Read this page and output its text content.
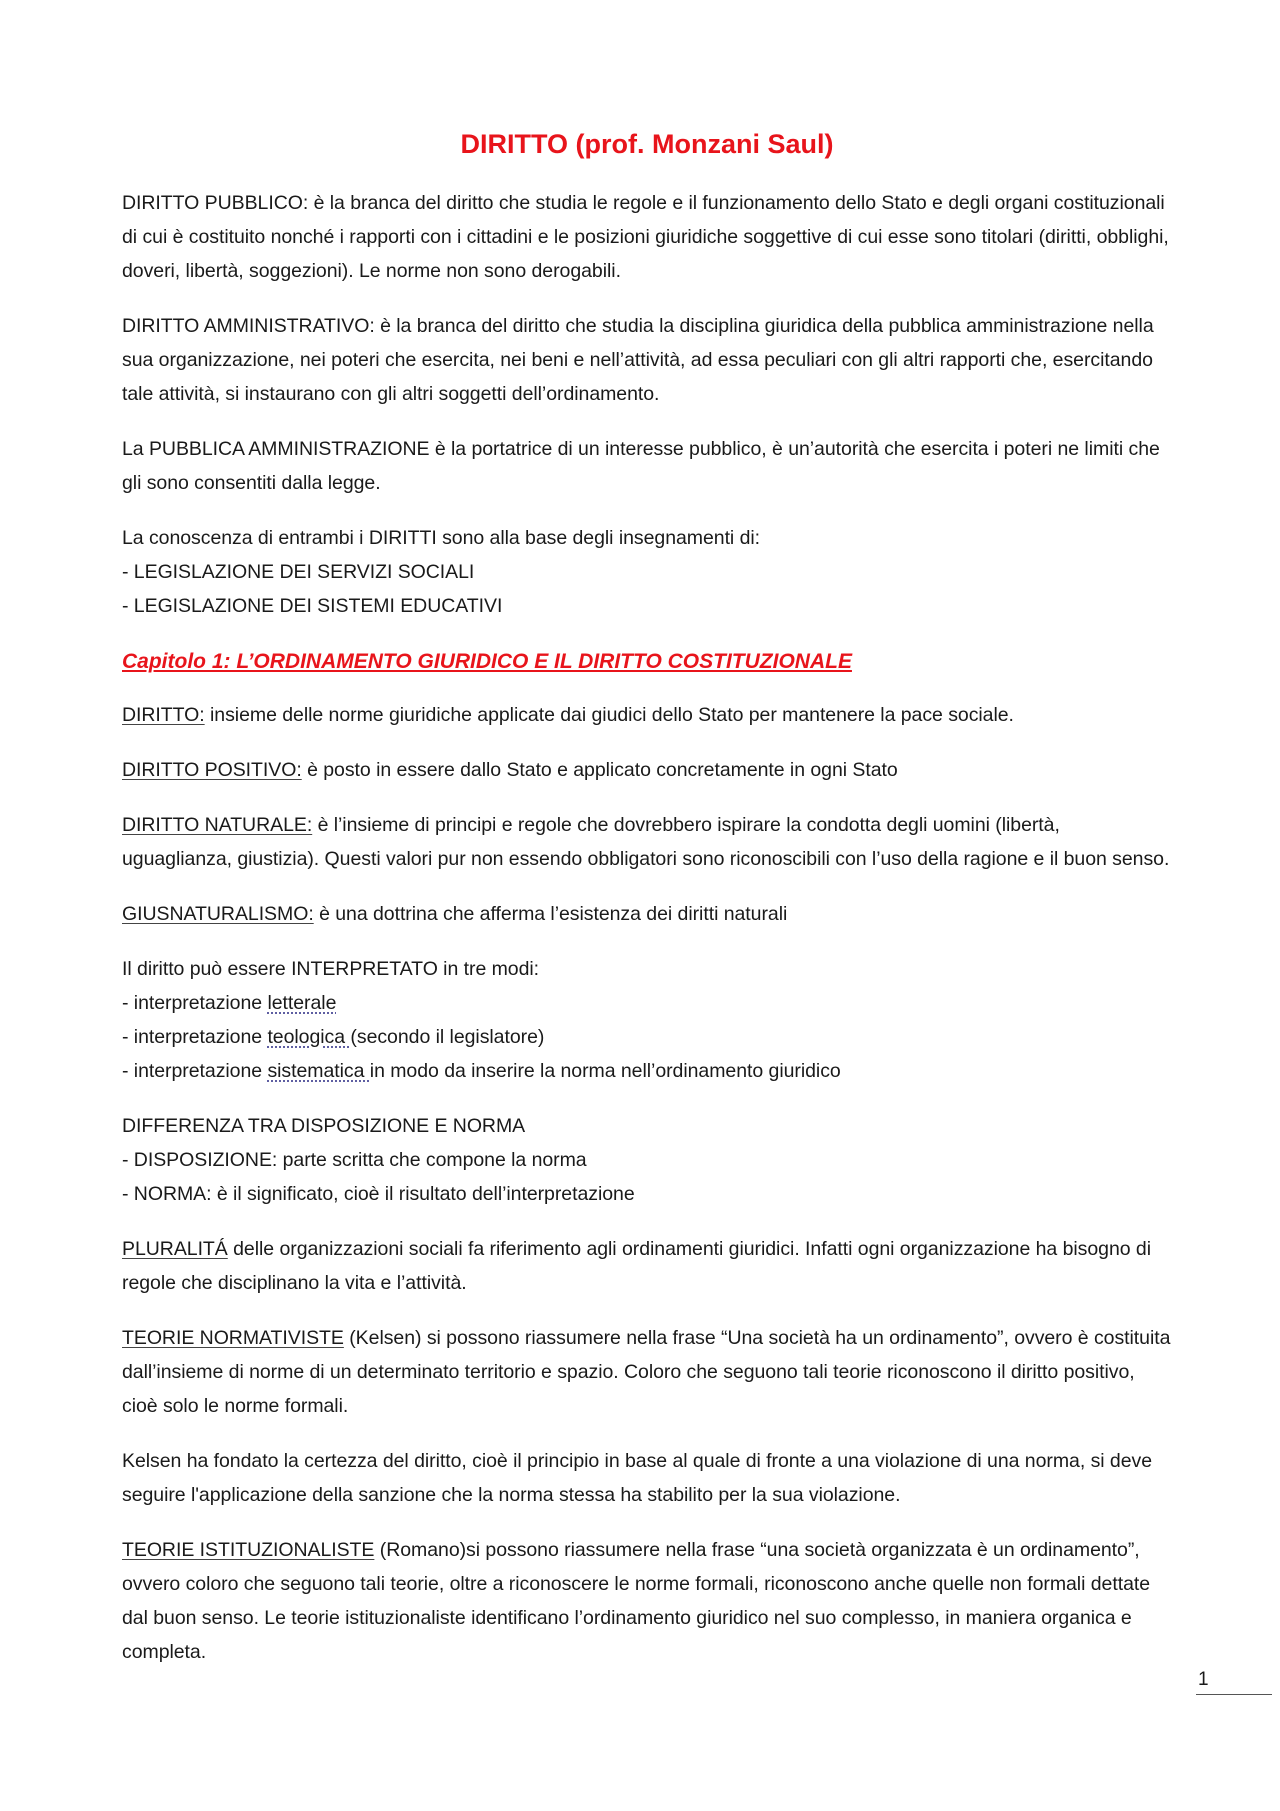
DIRITTO (prof. Monzani Saul)

DIRITTO PUBBLICO: è la branca del diritto che studia le regole e il funzionamento dello Stato e degli organi costituzionali di cui è costituito nonché i rapporti con i cittadini e le posizioni giuridiche soggettive di cui esse sono titolari (diritti, obblighi, doveri, libertà, soggezioni). Le norme non sono derogabili.

DIRITTO AMMINISTRATIVO: è la branca del diritto che studia la disciplina giuridica della pubblica amministrazione nella sua organizzazione, nei poteri che esercita, nei beni e nell’attività, ad essa peculiari con gli altri rapporti che, esercitando tale attività, si instaurano con gli altri soggetti dell’ordinamento.

La PUBBLICA AMMINISTRAZIONE è la portatrice di un interesse pubblico, è un’autorità che esercita i poteri ne limiti che gli sono consentiti dalla legge.

La conoscenza di entrambi i DIRITTI sono alla base degli insegnamenti di:

- LEGISLAZIONE DEI SERVIZI SOCIALI

- LEGISLAZIONE DEI SISTEMI EDUCATIVI

Capitolo 1: L’ORDINAMENTO GIURIDICO E IL DIRITTO COSTITUZIONALE

DIRITTO: insieme delle norme giuridiche applicate dai giudici dello Stato per mantenere la pace sociale.

DIRITTO POSITIVO: è posto in essere dallo Stato e applicato concretamente in ogni Stato

DIRITTO NATURALE: è l’insieme di principi e regole che dovrebbero ispirare la condotta degli uomini (libertà, uguaglianza, giustizia). Questi valori pur non essendo obbligatori sono riconoscibili con l’uso della ragione e il buon senso.

GIUSNATURALISMO: è una dottrina che afferma l’esistenza dei diritti naturali

Il diritto può essere INTERPRETATO in tre modi:

- interpretazione letterale

- interpretazione teologica (secondo il legislatore)

- interpretazione sistematica in modo da inserire la norma nell’ordinamento giuridico

DIFFERENZA TRA DISPOSIZIONE E NORMA

- DISPOSIZIONE: parte scritta che compone la norma

- NORMA: è il significato, cioè il risultato dell’interpretazione

PLURALITÁ delle organizzazioni sociali fa riferimento agli ordinamenti giuridici. Infatti ogni organizzazione ha bisogno di regole che disciplinano la vita e l’attività.

TEORIE NORMATIVISTE (Kelsen) si possono riassumere nella frase “Una società ha un ordinamento”, ovvero è costituita dall’insieme di norme di un determinato territorio e spazio. Coloro che seguono tali teorie riconoscono il diritto positivo, cioè solo le norme formali.

Kelsen ha fondato la certezza del diritto, cioè il principio in base al quale di fronte a una violazione di una norma, si deve seguire l'applicazione della sanzione che la norma stessa ha stabilito per la sua violazione.

TEORIE ISTITUZIONALISTE (Romano)si possono riassumere nella frase “una società organizzata è un ordinamento”, ovvero coloro che seguono tali teorie, oltre a riconoscere le norme formali, riconoscono anche quelle non formali dettate dal buon senso. Le teorie istituzionaliste identificano l’ordinamento giuridico nel suo complesso, in maniera organica e completa.

1
